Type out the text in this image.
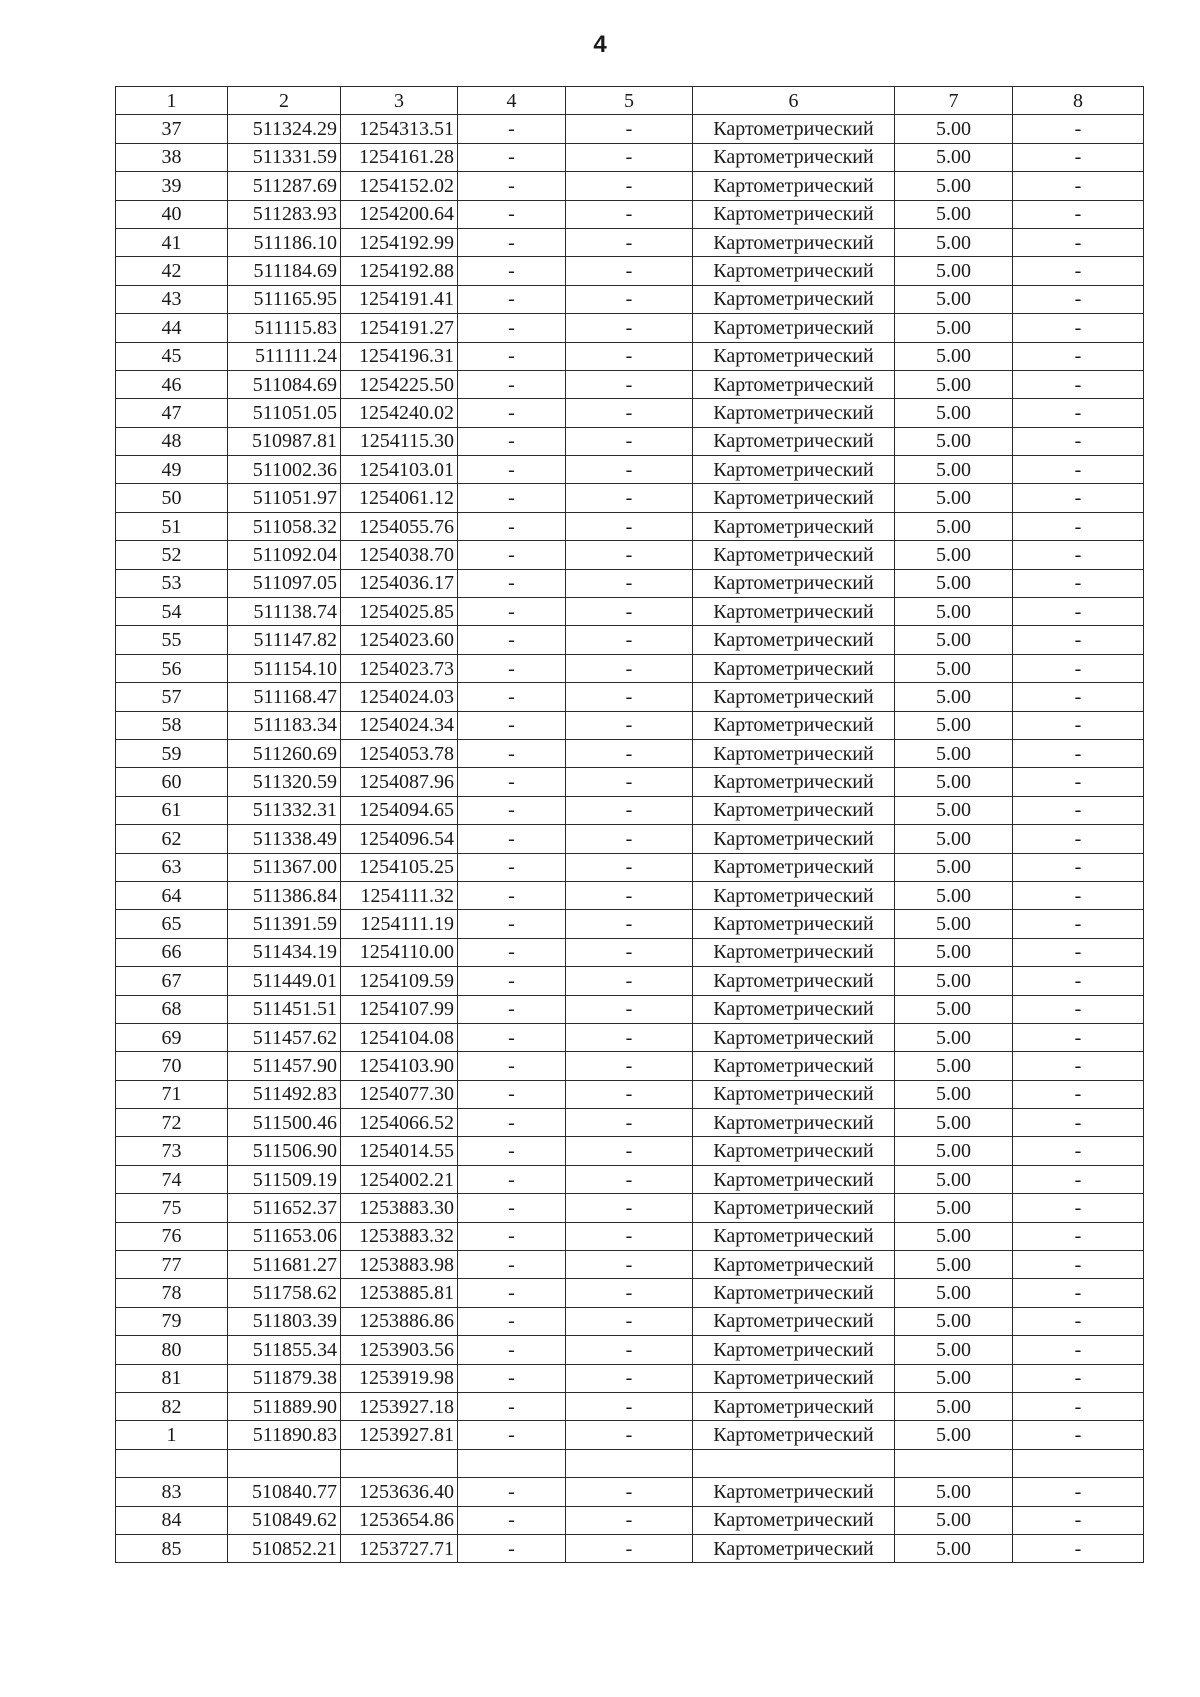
4
1	2	3	4	5	6	7	8
37	511324.29	1254313.51	-	-	Картометрический	5.00	-
38	511331.59	1254161.28	-	-	Картометрический	5.00	-
39	511287.69	1254152.02	-	-	Картометрический	5.00	-
40	511283.93	1254200.64	-	-	Картометрический	5.00	-
41	511186.10	1254192.99	-	-	Картометрический	5.00	-
42	511184.69	1254192.88	-	-	Картометрический	5.00	-
43	511165.95	1254191.41	-	-	Картометрический	5.00	-
44	511115.83	1254191.27	-	-	Картометрический	5.00	-
45	511111.24	1254196.31	-	-	Картометрический	5.00	-
46	511084.69	1254225.50	-	-	Картометрический	5.00	-
47	511051.05	1254240.02	-	-	Картометрический	5.00	-
48	510987.81	1254115.30	-	-	Картометрический	5.00	-
49	511002.36	1254103.01	-	-	Картометрический	5.00	-
50	511051.97	1254061.12	-	-	Картометрический	5.00	-
51	511058.32	1254055.76	-	-	Картометрический	5.00	-
52	511092.04	1254038.70	-	-	Картометрический	5.00	-
53	511097.05	1254036.17	-	-	Картометрический	5.00	-
54	511138.74	1254025.85	-	-	Картометрический	5.00	-
55	511147.82	1254023.60	-	-	Картометрический	5.00	-
56	511154.10	1254023.73	-	-	Картометрический	5.00	-
57	511168.47	1254024.03	-	-	Картометрический	5.00	-
58	511183.34	1254024.34	-	-	Картометрический	5.00	-
59	511260.69	1254053.78	-	-	Картометрический	5.00	-
60	511320.59	1254087.96	-	-	Картометрический	5.00	-
61	511332.31	1254094.65	-	-	Картометрический	5.00	-
62	511338.49	1254096.54	-	-	Картометрический	5.00	-
63	511367.00	1254105.25	-	-	Картометрический	5.00	-
64	511386.84	1254111.32	-	-	Картометрический	5.00	-
65	511391.59	1254111.19	-	-	Картометрический	5.00	-
66	511434.19	1254110.00	-	-	Картометрический	5.00	-
67	511449.01	1254109.59	-	-	Картометрический	5.00	-
68	511451.51	1254107.99	-	-	Картометрический	5.00	-
69	511457.62	1254104.08	-	-	Картометрический	5.00	-
70	511457.90	1254103.90	-	-	Картометрический	5.00	-
71	511492.83	1254077.30	-	-	Картометрический	5.00	-
72	511500.46	1254066.52	-	-	Картометрический	5.00	-
73	511506.90	1254014.55	-	-	Картометрический	5.00	-
74	511509.19	1254002.21	-	-	Картометрический	5.00	-
75	511652.37	1253883.30	-	-	Картометрический	5.00	-
76	511653.06	1253883.32	-	-	Картометрический	5.00	-
77	511681.27	1253883.98	-	-	Картометрический	5.00	-
78	511758.62	1253885.81	-	-	Картометрический	5.00	-
79	511803.39	1253886.86	-	-	Картометрический	5.00	-
80	511855.34	1253903.56	-	-	Картометрический	5.00	-
81	511879.38	1253919.98	-	-	Картометрический	5.00	-
82	511889.90	1253927.18	-	-	Картометрический	5.00	-
1	511890.83	1253927.81	-	-	Картометрический	5.00	-

83	510840.77	1253636.40	-	-	Картометрический	5.00	-
84	510849.62	1253654.86	-	-	Картометрический	5.00	-
85	510852.21	1253727.71	-	-	Картометрический	5.00	-
